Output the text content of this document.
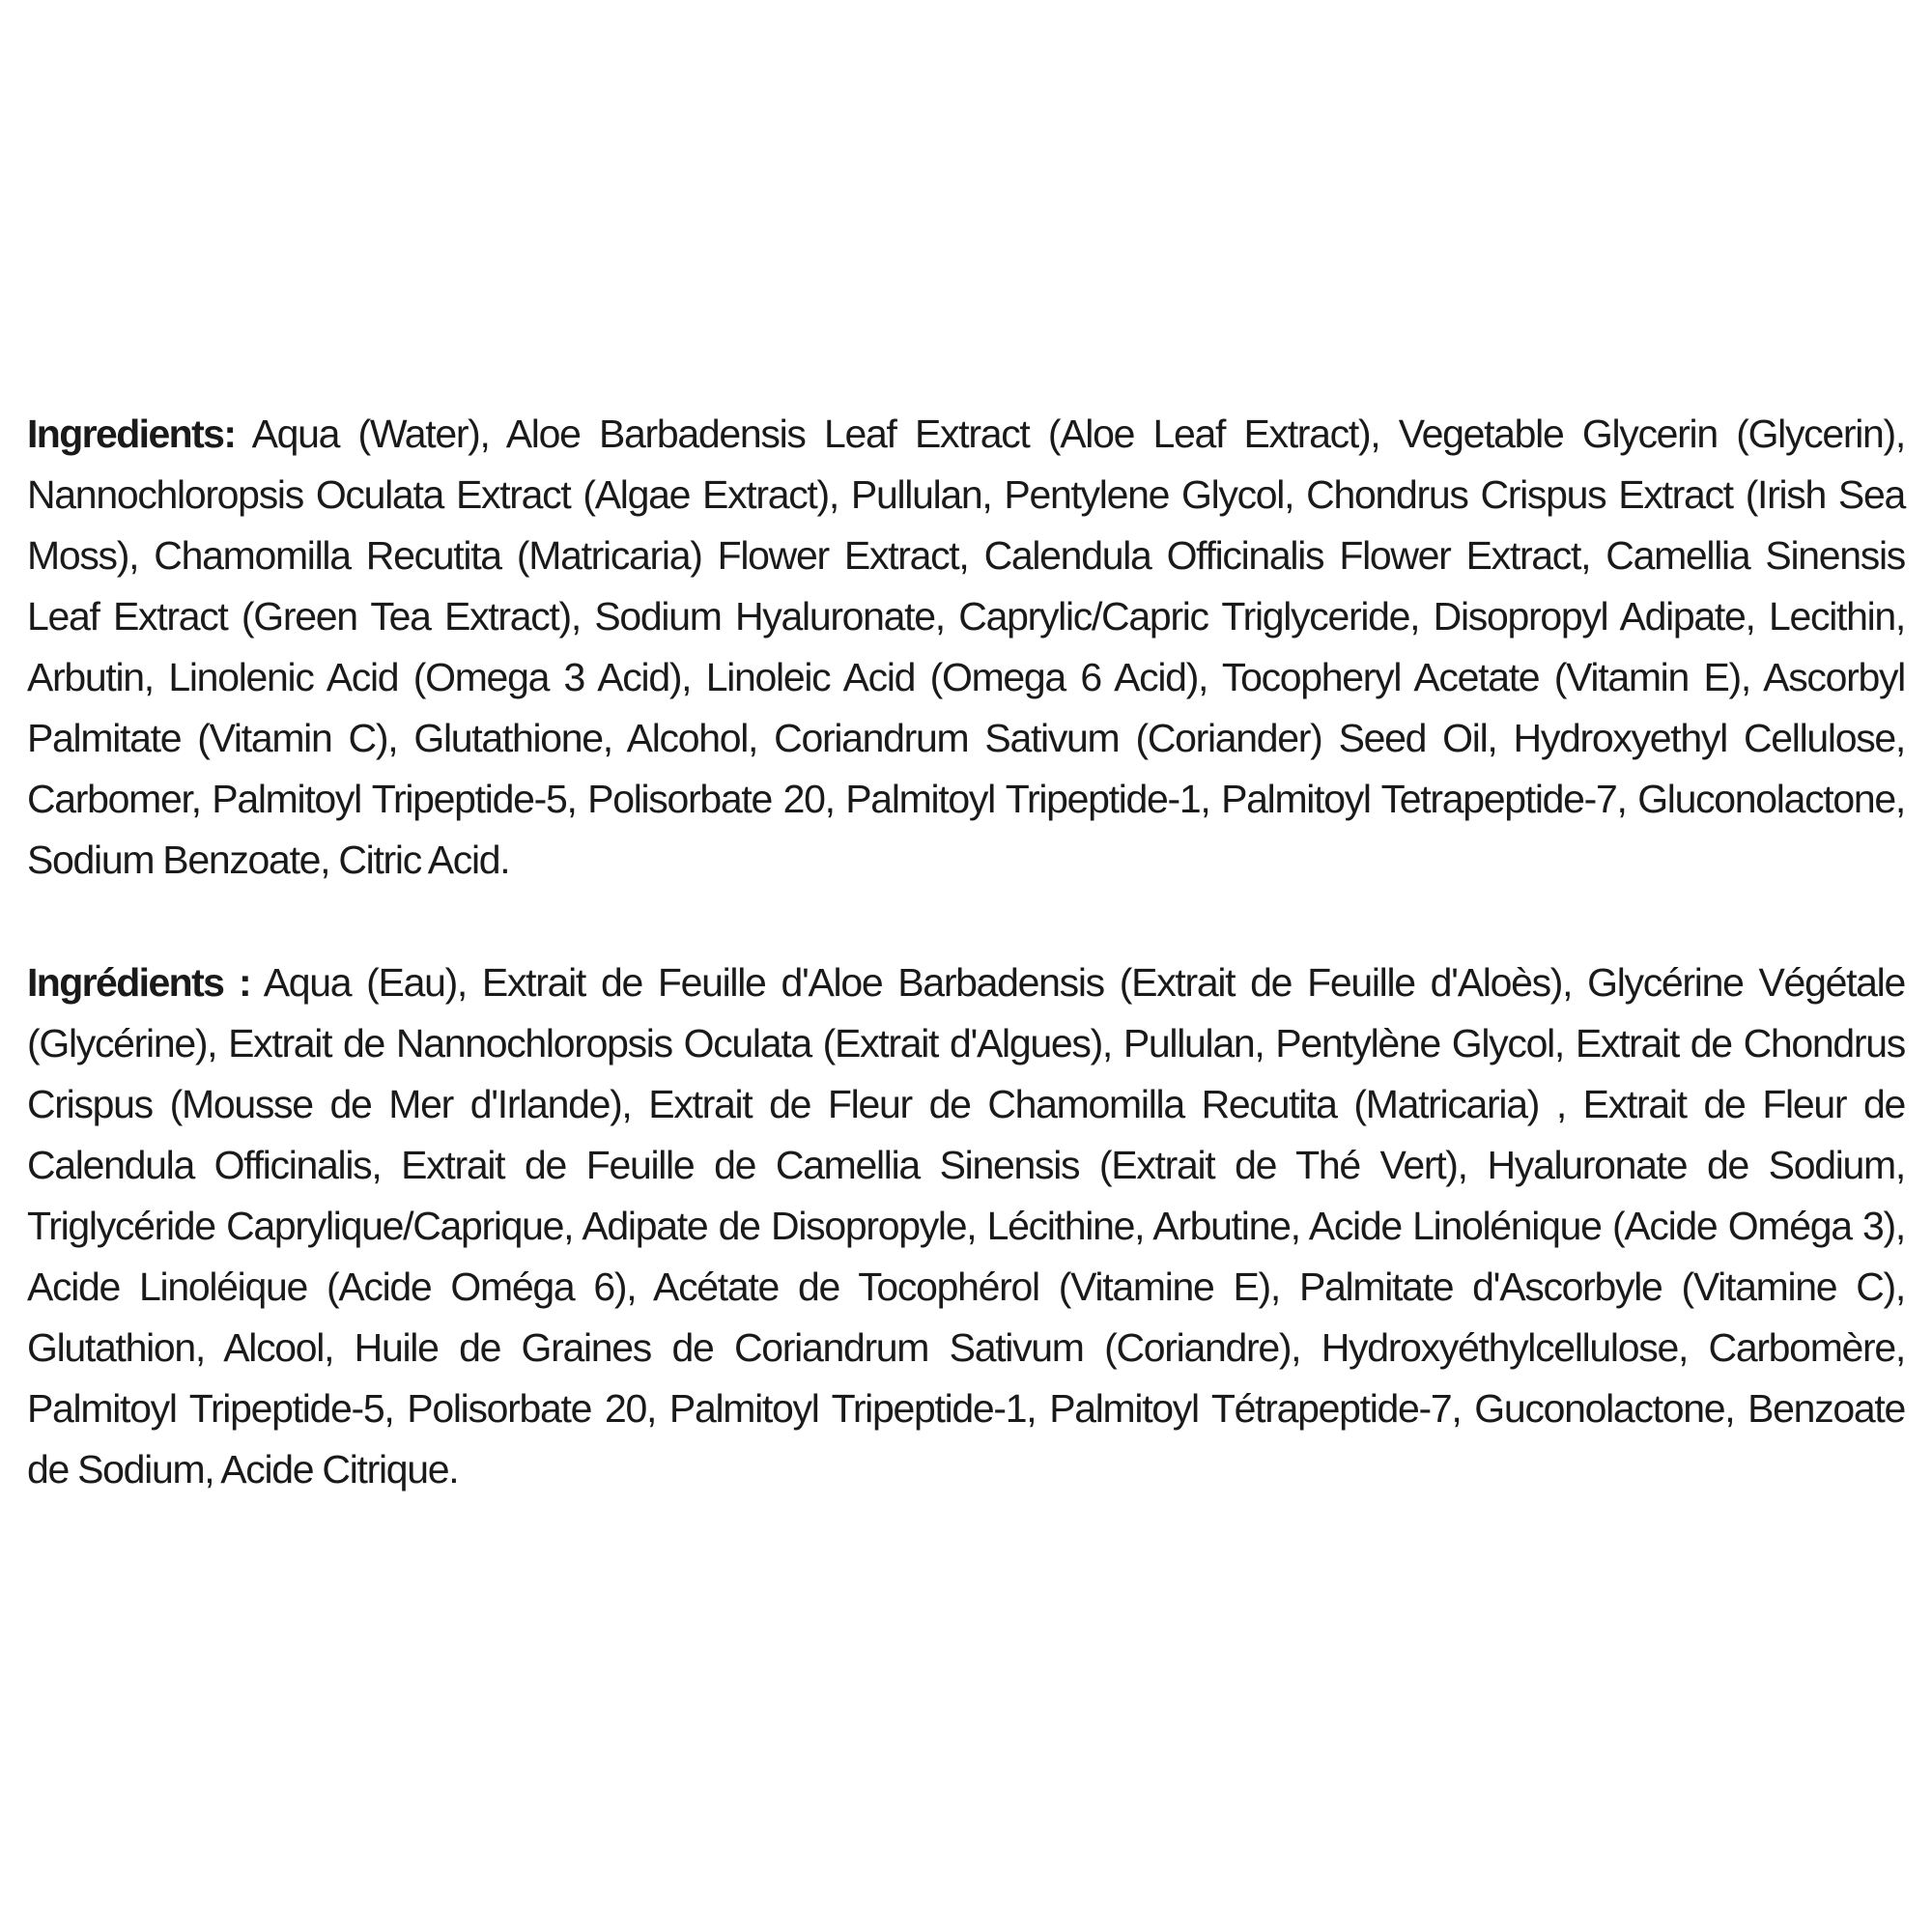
Ingredients: Aqua (Water), Aloe Barbadensis Leaf Extract (Aloe Leaf Extract), Vegetable Glycerin (Glycerin), Nannochloropsis Oculata Extract (Algae Extract), Pullulan, Pentylene Glycol, Chondrus Crispus Extract (Irish Sea Moss), Chamomilla Recutita (Matricaria) Flower Extract, Calendula Officinalis Flower Extract, Camellia Sinensis Leaf Extract (Green Tea Extract), Sodium Hyaluronate, Caprylic/Capric Triglyceride, Disopropyl Adipate, Lecithin, Arbutin, Linolenic Acid (Omega 3 Acid), Linoleic Acid (Omega 6 Acid), Tocopheryl Acetate (Vitamin E), Ascorbyl Palmitate (Vitamin C), Glutathione, Alcohol, Coriandrum Sativum (Coriander) Seed Oil, Hydroxyethyl Cellulose, Carbomer, Palmitoyl Tripeptide-5, Polisorbate 20, Palmitoyl Tripeptide-1, Palmitoyl Tetrapeptide-7, Gluconolactone, Sodium Benzoate, Citric Acid.

Ingrédients : Aqua (Eau), Extrait de Feuille d'Aloe Barbadensis (Extrait de Feuille d'Aloès), Glycérine Végétale (Glycérine), Extrait de Nannochloropsis Oculata (Extrait d'Algues), Pullulan, Pentylène Glycol, Extrait de Chondrus Crispus (Mousse de Mer d'Irlande), Extrait de Fleur de Chamomilla Recutita (Matricaria) , Extrait de Fleur de Calendula Officinalis, Extrait de Feuille de Camellia Sinensis (Extrait de Thé Vert), Hyaluronate de Sodium, Triglycéride Caprylique/Caprique, Adipate de Disopropyle, Lécithine, Arbutine, Acide Linolénique (Acide Oméga 3), Acide Linoléique (Acide Oméga 6), Acétate de Tocophérol (Vitamine E), Palmitate d'Ascorbyle (Vitamine C), Glutathion, Alcool, Huile de Graines de Coriandrum Sativum (Coriandre), Hydroxyéthylcellulose, Carbomère, Palmitoyl Tripeptide-5, Polisorbate 20, Palmitoyl Tripeptide-1, Palmitoyl Tétrapeptide-7, Guconolactone, Benzoate de Sodium, Acide Citrique.
